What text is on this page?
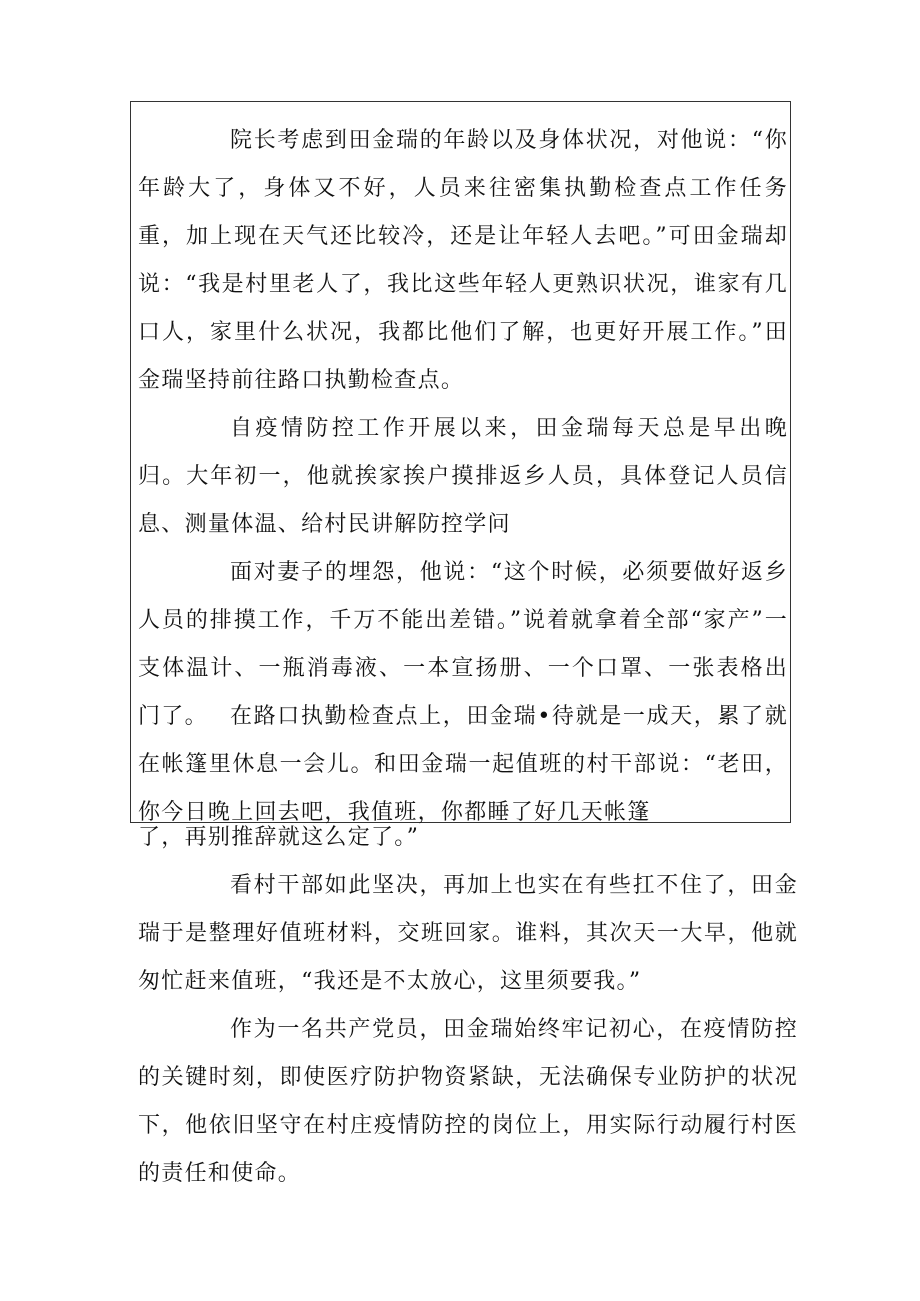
院长考虑到田金瑞的年龄以及身体状况，对他说：“你年龄大了，身体又不好，人员来往密集执勤检查点工作任务重，加上现在天气还比较冷，还是让年轻人去吧。”可田金瑞却说：“我是村里老人了，我比这些年轻人更熟识状况，谁家有几口人，家里什么状况，我都比他们了解，也更好开展工作。”田金瑞坚持前往路口执勤检查点。

自疫情防控工作开展以来，田金瑞每天总是早出晚归。大年初一，他就挨家挨户摸排返乡人员，具体登记人员信息、测量体温、给村民讲解防控学问

面对妻子的埋怨，他说：“这个时候，必须要做好返乡人员的排摸工作，千万不能出差错。”说着就拿着全部“家产”一支体温计、一瓶消毒液、一本宣扬册、一个口罩、一张表格出门了。	在路口执勤检查点上，田金瑞•待就是一成天，累了就在帐篷里休息一会儿。和田金瑞一起值班的村干部说：“老田，你今日晚上回去吧，我值班，你都睡了好几天帐篷

了，再别推辞就这么定了。”

看村干部如此坚决，再加上也实在有些扛不住了，田金瑞于是整理好值班材料，交班回家。谁料，其次天一大早，他就匆忙赶来值班，“我还是不太放心，这里须要我。”

作为一名共产党员，田金瑞始终牢记初心，在疫情防控的关键时刻，即使医疗防护物资紧缺，无法确保专业防护的状况下，他依旧坚守在村庄疫情防控的岗位上，用实际行动履行村医的责任和使命。
